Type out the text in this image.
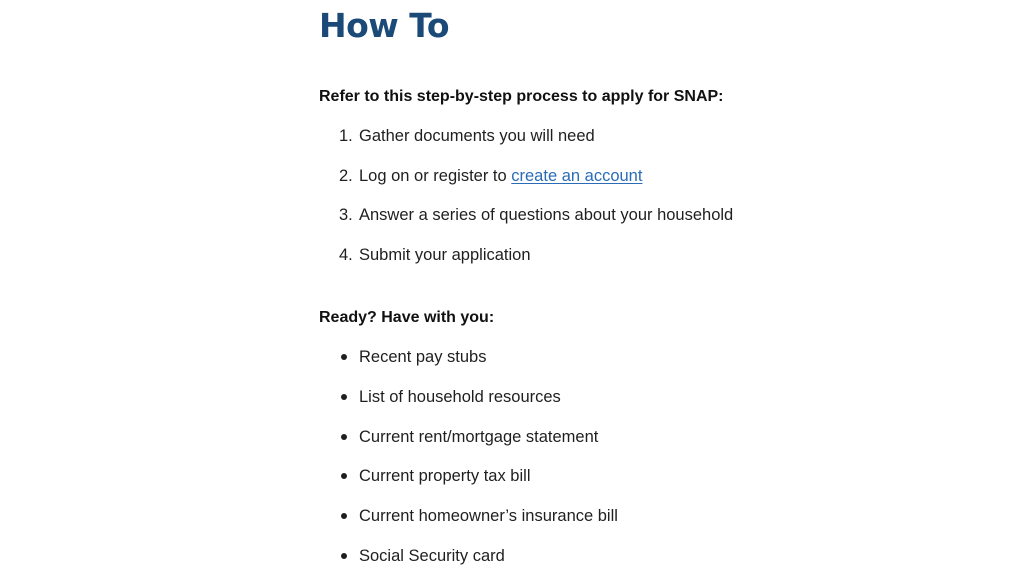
How To

Refer to this step-by-step process to apply for SNAP:

1. Gather documents you will need
2. Log on or register to create an account
3. Answer a series of questions about your household
4. Submit your application

Ready? Have with you:

Recent pay stubs
List of household resources
Current rent/mortgage statement
Current property tax bill
Current homeowner’s insurance bill
Social Security card
